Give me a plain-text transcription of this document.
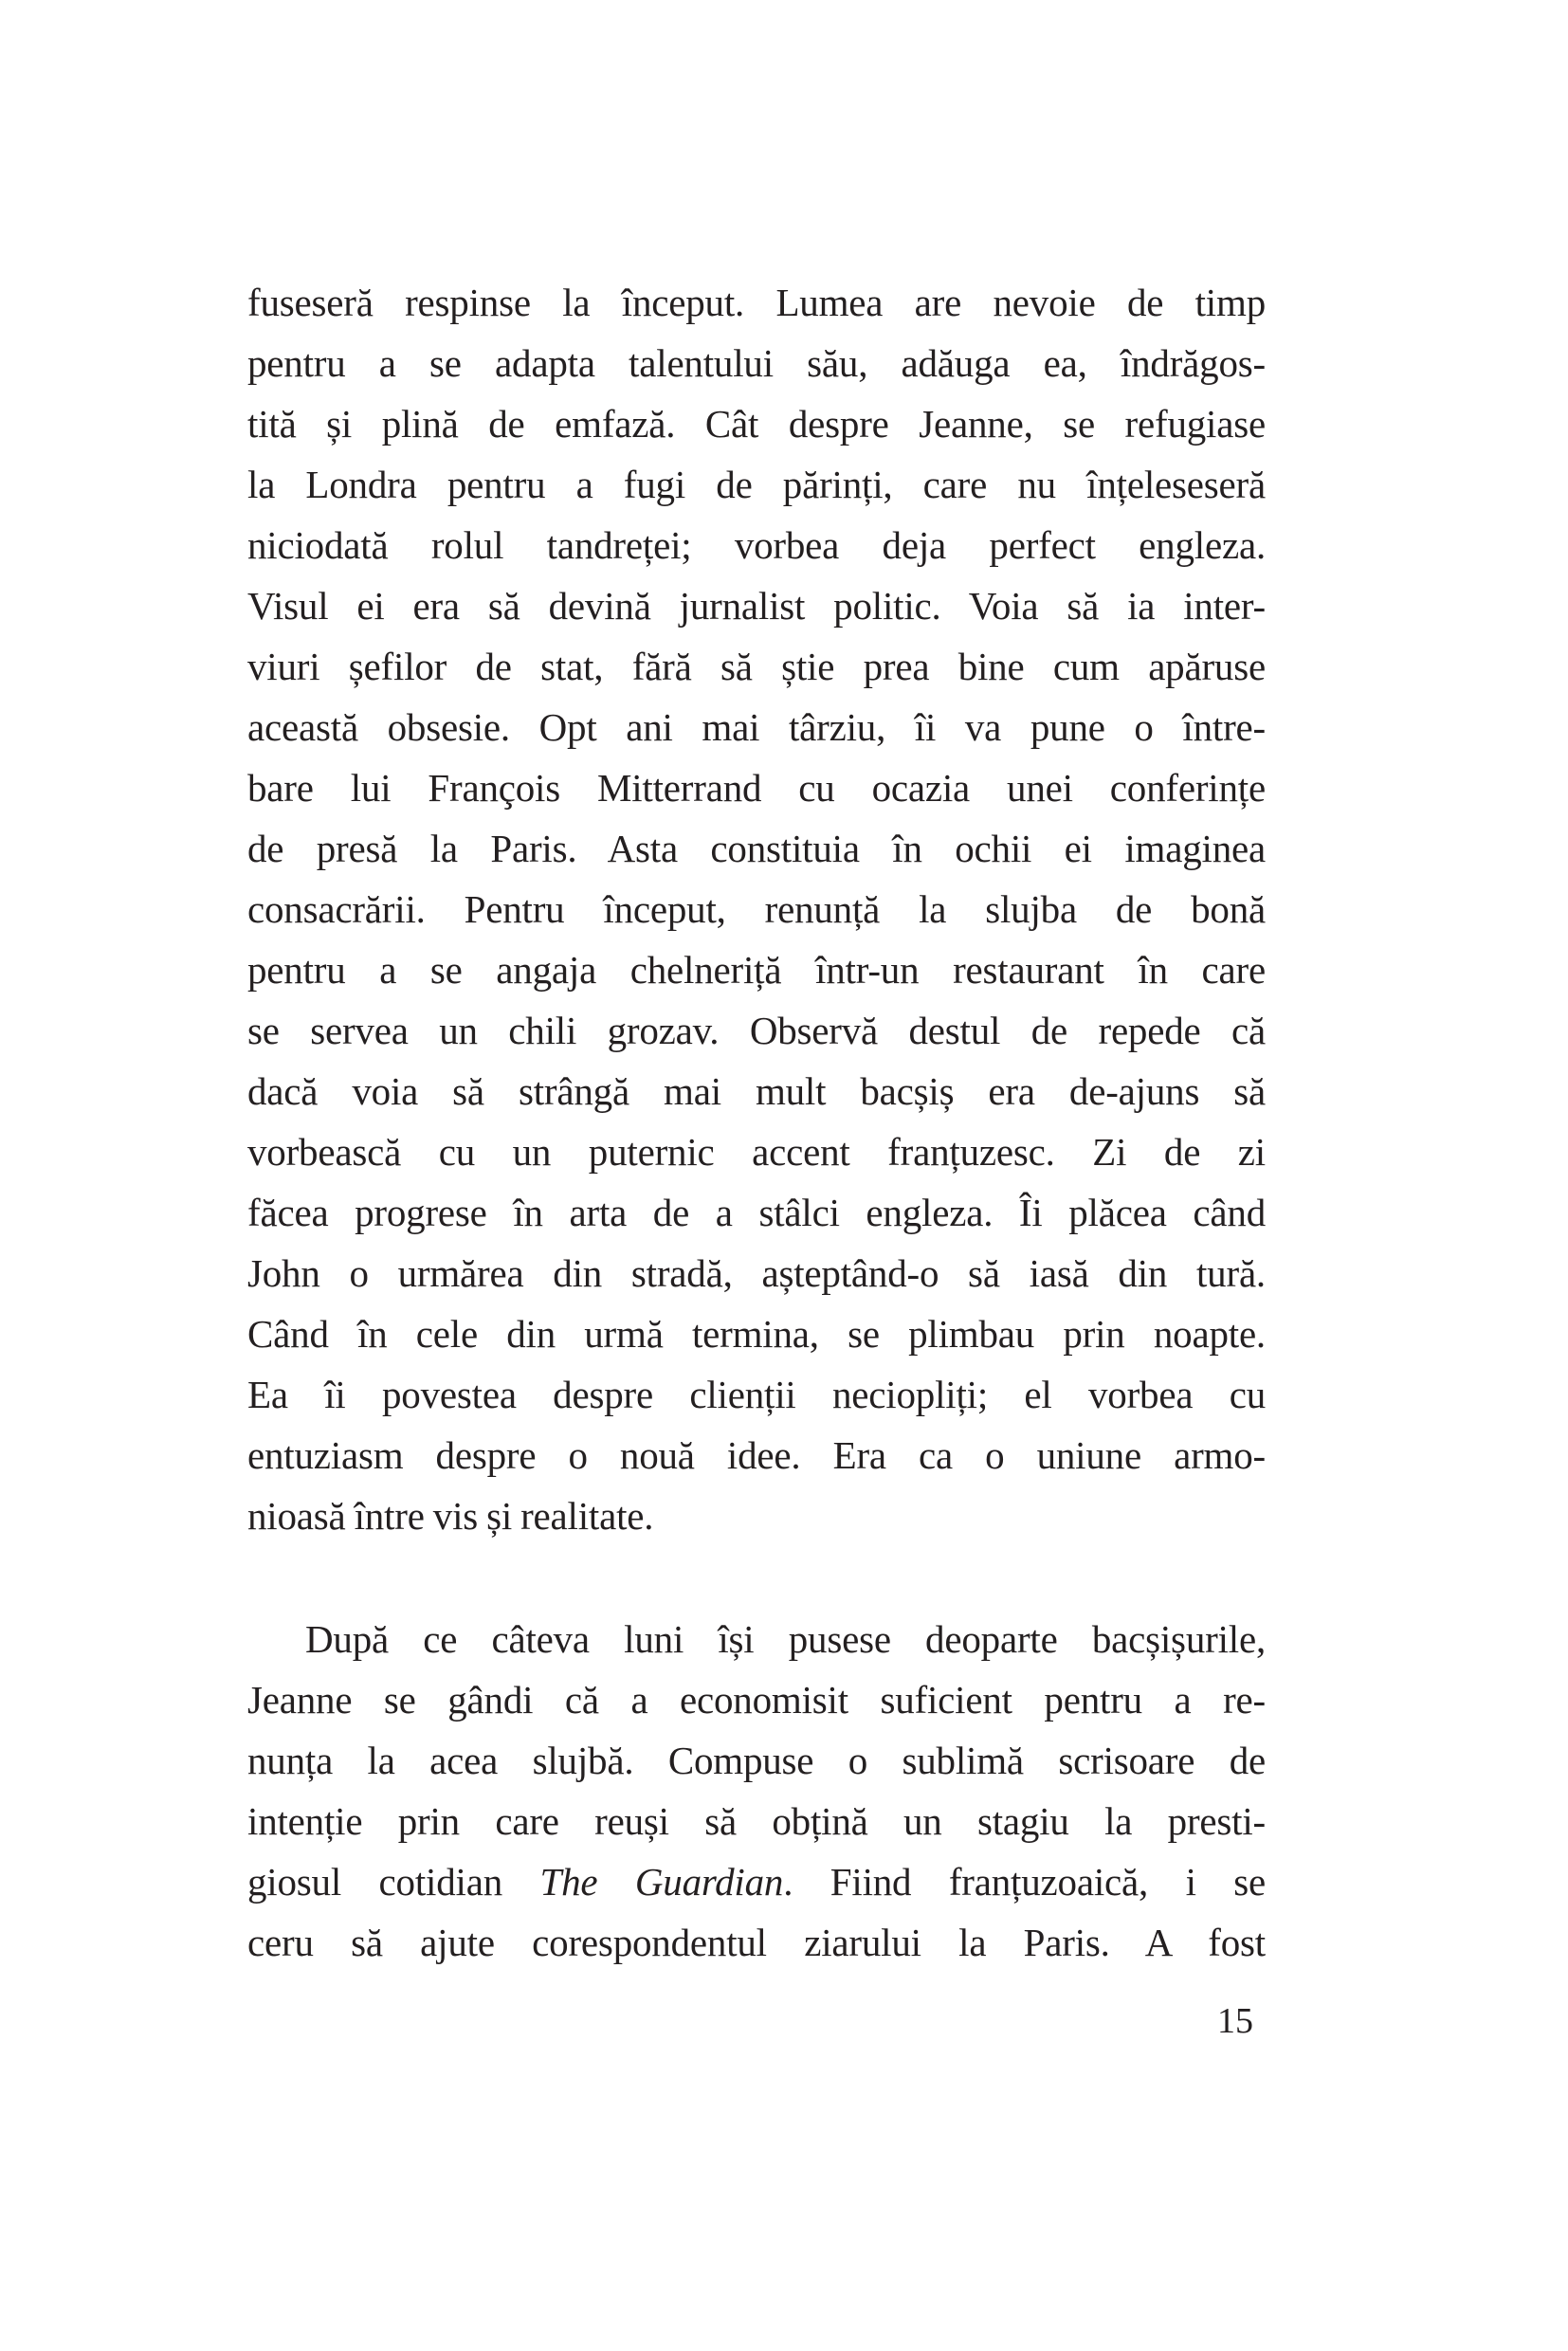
fuseseră respinse la început. Lumea are nevoie de timp
pentru a se adapta talentului său, adăuga ea, îndrăgos-
tită și plină de emfază. Cât despre Jeanne, se refugiase
la Londra pentru a fugi de părinți, care nu înțeleseseră
niciodată rolul tandreței; vorbea deja perfect engleza.
Visul ei era să devină jurnalist politic. Voia să ia inter-
viuri șefilor de stat, fără să știe prea bine cum apăruse
această obsesie. Opt ani mai târziu, îi va pune o între-
bare lui François Mitterrand cu ocazia unei conferințe
de presă la Paris. Asta constituia în ochii ei imaginea
consacrării. Pentru început, renunță la slujba de bonă
pentru a se angaja chelneriță într-un restaurant în care
se servea un chili grozav. Observă destul de repede că
dacă voia să strângă mai mult bacșiș era de-ajuns să
vorbească cu un puternic accent franțuzesc. Zi de zi
făcea progrese în arta de a stâlci engleza. Îi plăcea când
John o urmărea din stradă, așteptând-o să iasă din tură.
Când în cele din urmă termina, se plimbau prin noapte.
Ea îi povestea despre clienții neciopliți; el vorbea cu
entuziasm despre o nouă idee. Era ca o uniune armo-
nioasă între vis și realitate.
După ce câteva luni își pusese deoparte bacșișurile,
Jeanne se gândi că a economisit suficient pentru a re-
nunța la acea slujbă. Compuse o sublimă scrisoare de
intenție prin care reuși să obțină un stagiu la presti-
giosul cotidian The Guardian. Fiind franțuzoaică, i se
ceru să ajute corespondentul ziarului la Paris. A fost
15
